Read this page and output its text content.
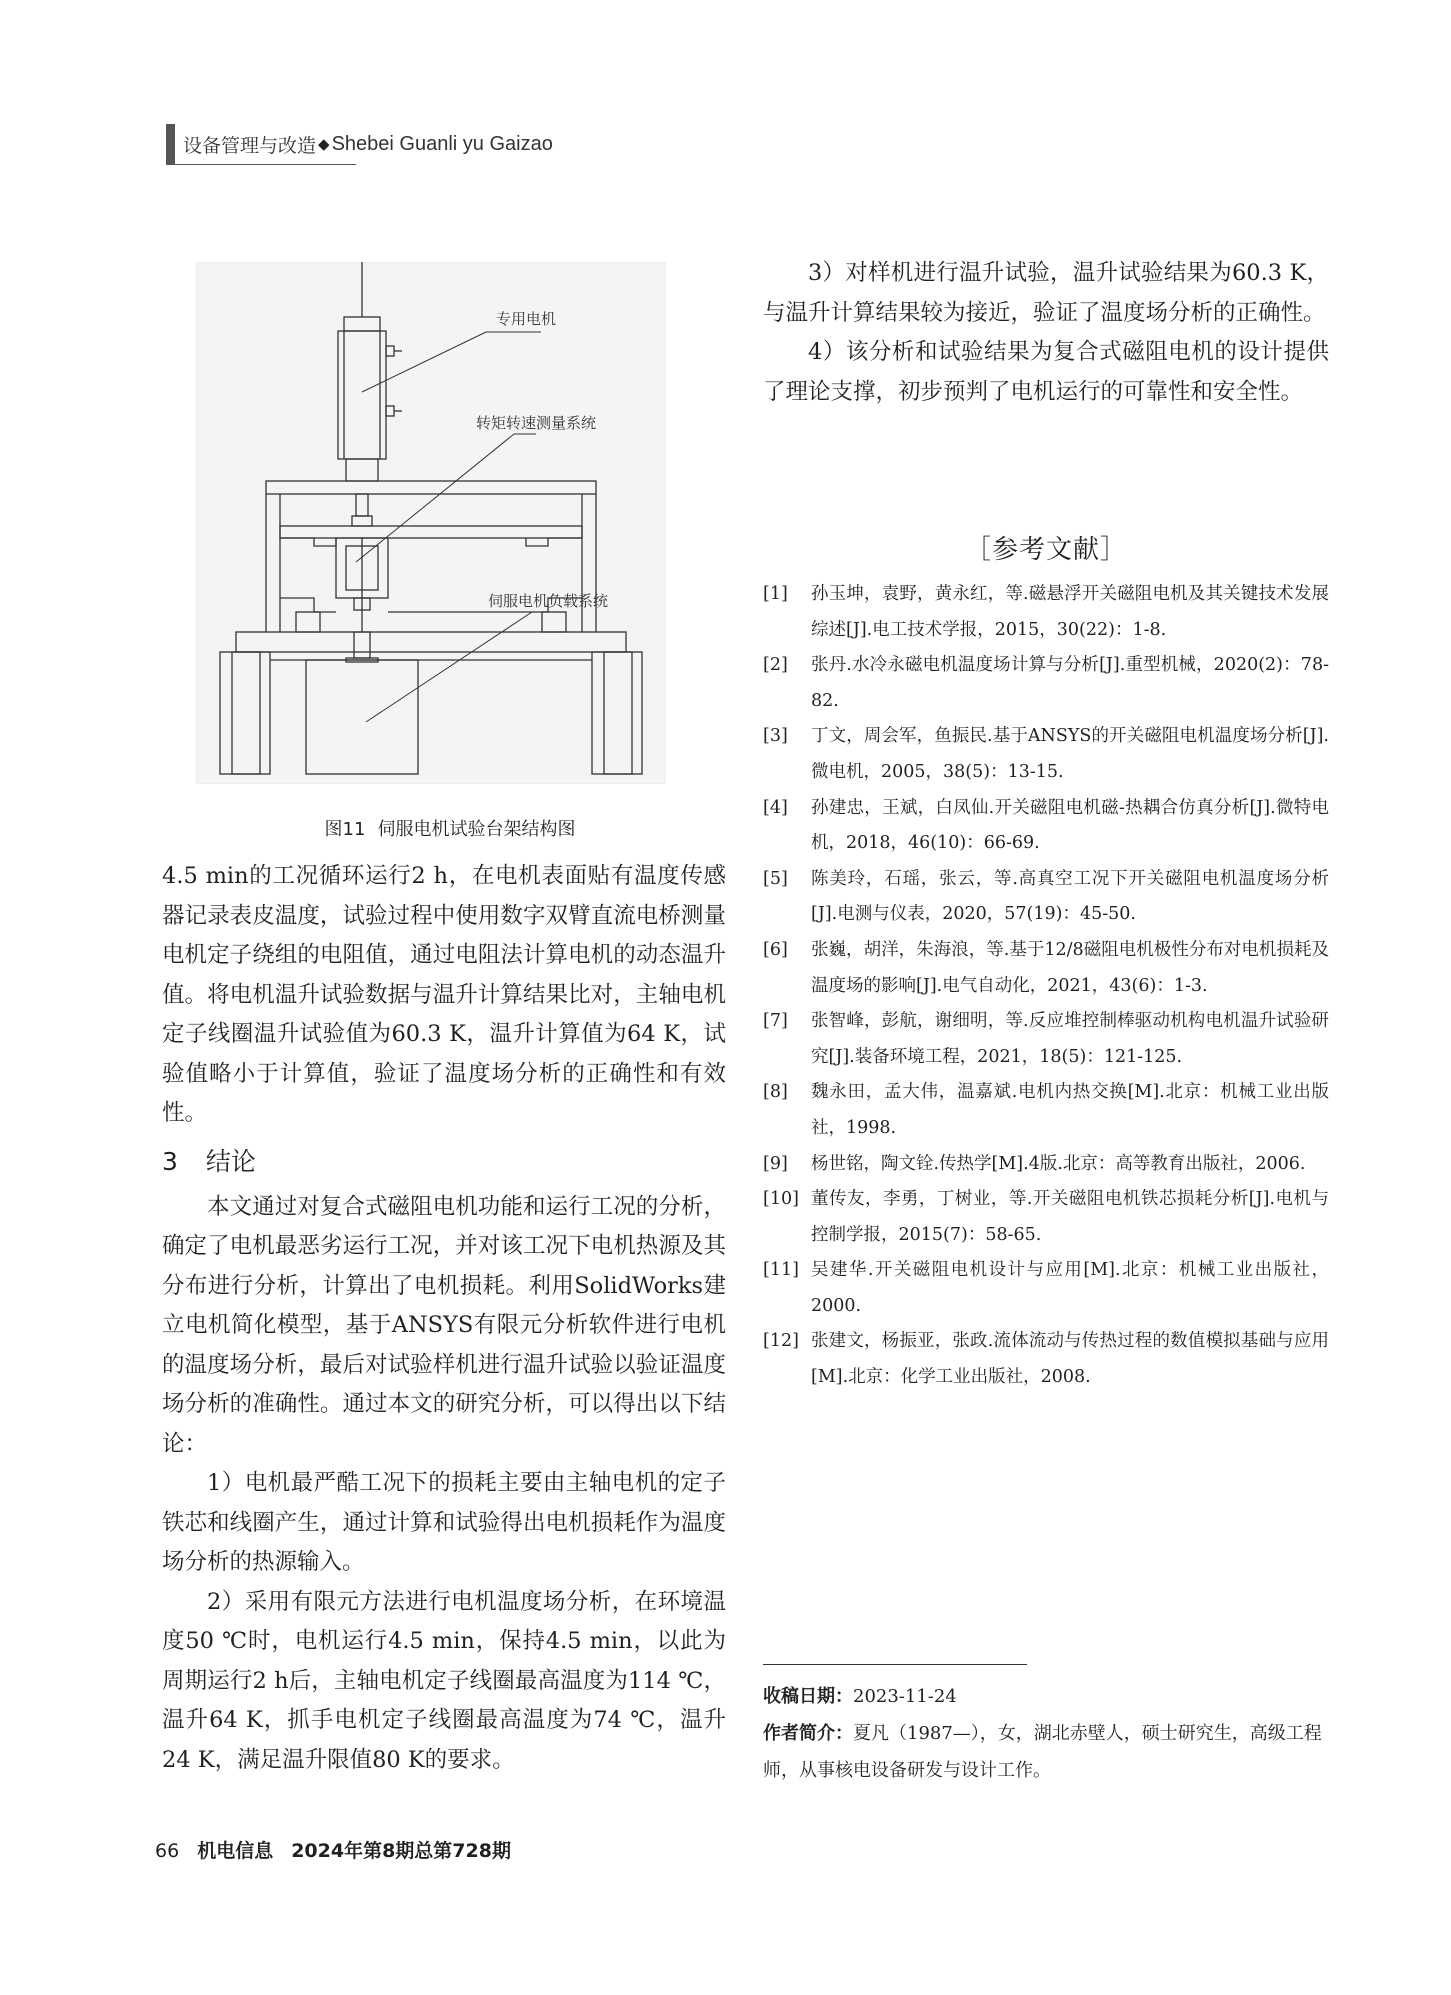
设备管理与改造 ◆ Shebei Guanli yu Gaizao
专用电机
转矩转速测量系统
伺服电机负载系统
图11 伺服电机试验台架结构图

4.5 min的工况循环运行2 h，在电机表面贴有温度传感器记录表皮温度，试验过程中使用数字双臂直流电桥测量电机定子绕组的电阻值，通过电阻法计算电机的动态温升值。将电机温升试验数据与温升计算结果比对，主轴电机定子线圈温升试验值为60.3 K，温升计算值为64 K，试验值略小于计算值，验证了温度场分析的正确性和有效性。

3 结论

本文通过对复合式磁阻电机功能和运行工况的分析，确定了电机最恶劣运行工况，并对该工况下电机热源及其分布进行分析，计算出了电机损耗。利用SolidWorks建立电机简化模型，基于ANSYS有限元分析软件进行电机的温度场分析，最后对试验样机进行温升试验以验证温度场分析的准确性。通过本文的研究分析，可以得出以下结论：

1）电机最严酷工况下的损耗主要由主轴电机的定子铁芯和线圈产生，通过计算和试验得出电机损耗作为温度场分析的热源输入。

2）采用有限元方法进行电机温度场分析，在环境温度50 ℃时，电机运行4.5 min，保持4.5 min，以此为周期运行2 h后，主轴电机定子线圈最高温度为114 ℃，温升64 K，抓手电机定子线圈最高温度为74 ℃，温升24 K，满足温升限值80 K的要求。

3）对样机进行温升试验，温升试验结果为60.3 K，与温升计算结果较为接近，验证了温度场分析的正确性。

4）该分析和试验结果为复合式磁阻电机的设计提供了理论支撑，初步预判了电机运行的可靠性和安全性。

［参考文献］
[1]	孙玉坤，袁野，黄永红，等.磁悬浮开关磁阻电机及其关键技术发展综述[J].电工技术学报，2015，30(22)：1-8.
[2]	张丹.水冷永磁电机温度场计算与分析[J].重型机械，2020(2)：78-82.
[3]	丁文，周会军，鱼振民.基于ANSYS的开关磁阻电机温度场分析[J].微电机，2005，38(5)：13-15.
[4]	孙建忠，王斌，白凤仙.开关磁阻电机磁-热耦合仿真分析[J].微特电机，2018，46(10)：66-69.
[5]	陈美玲，石瑶，张云，等.高真空工况下开关磁阻电机温度场分析[J].电测与仪表，2020，57(19)：45-50.
[6]	张巍，胡洋，朱海浪，等.基于12/8磁阻电机极性分布对电机损耗及温度场的影响[J].电气自动化，2021，43(6)：1-3.
[7]	张智峰，彭航，谢细明，等.反应堆控制棒驱动机构电机温升试验研究[J].装备环境工程，2021，18(5)：121-125.
[8]	魏永田，孟大伟，温嘉斌.电机内热交换[M].北京：机械工业出版社，1998.
[9]	杨世铭，陶文铨.传热学[M].4版.北京：高等教育出版社，2006.
[10] 董传友，李勇，丁树业，等.开关磁阻电机铁芯损耗分析[J].电机与控制学报，2015(7)：58-65.
[11] 吴建华.开关磁阻电机设计与应用[M].北京：机械工业出版社，2000.
[12] 张建文，杨振亚，张政.流体流动与传热过程的数值模拟基础与应用[M].北京：化学工业出版社，2008.

收稿日期：2023-11-24

作者简介：夏凡（1987—），女，湖北赤壁人，硕士研究生，高级工程师，从事核电设备研发与设计工作。

66 机电信息 2024年第8期总第728期
